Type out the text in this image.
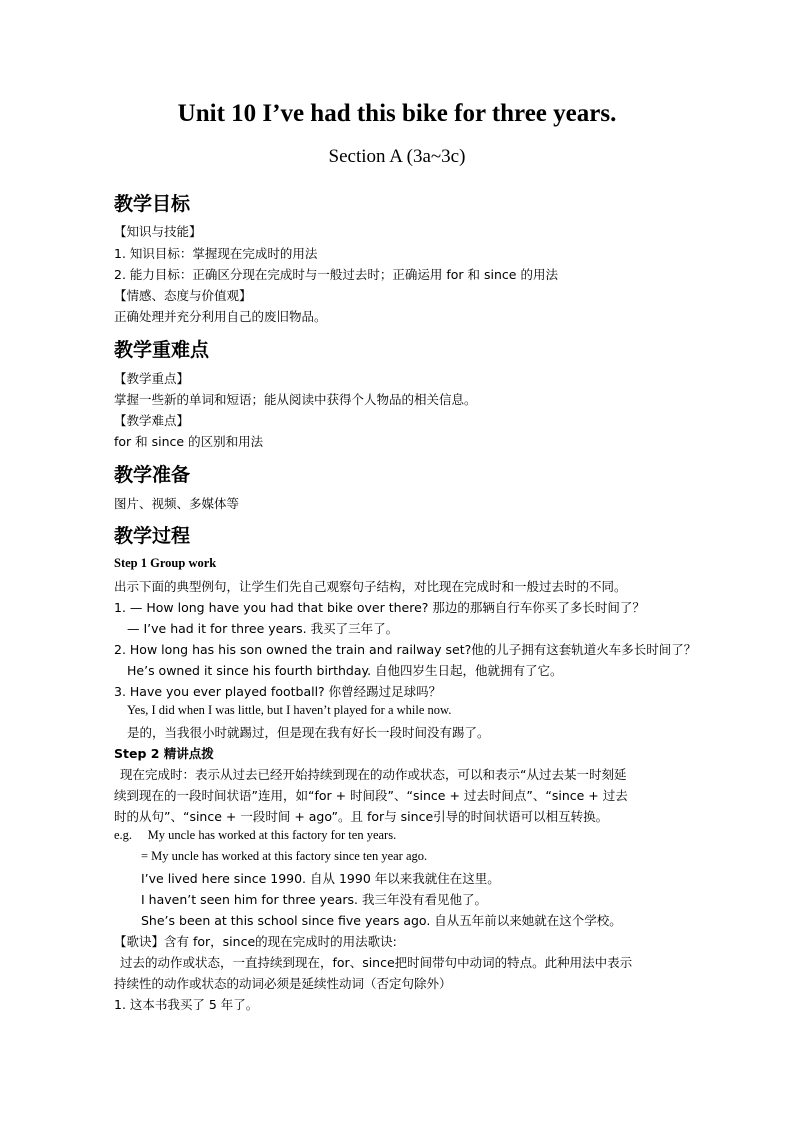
Unit 10 I’ve had this bike for three years.
Section A (3a~3c)
教学目标
【知识与技能】
1. 知识目标：掌握现在完成时的用法
2. 能力目标：正确区分现在完成时与一般过去时；正确运用 for 和 since 的用法
【情感、态度与价值观】
正确处理并充分利用自己的废旧物品。
教学重难点
【教学重点】
掌握一些新的单词和短语；能从阅读中获得个人物品的相关信息。
【教学难点】
for 和 since 的区别和用法
教学准备
图片、视频、多媒体等
教学过程
Step 1 Group work
出示下面的典型例句，让学生们先自己观察句子结构，对比现在完成时和一般过去时的不同。
1. — How long have you had that bike over there? 那边的那辆自行车你买了多长时间了？
— I’ve had it for three years. 我买了三年了。
2. How long has his son owned the train and railway set?他的儿子拥有这套轨道火车多长时间了？
He’s owned it since his fourth birthday. 自他四岁生日起，他就拥有了它。
3. Have you ever played football? 你曾经踢过足球吗？
Yes, I did when I was little, but I haven’t played for a while now.
是的，当我很小时就踢过，但是现在我有好长一段时间没有踢了。
Step 2 精讲点拨
现在完成时：表示从过去已经开始持续到现在的动作或状态，可以和表示“从过去某一时刻延
续到现在的一段时间状语”连用，如“for + 时间段”、“since + 过去时间点”、“since + 过去
时的从句”、“since + 一段时间 + ago”。且 for与 since引导的时间状语可以相互转换。
e.g.     My uncle has worked at this factory for ten years.
= My uncle has worked at this factory since ten year ago.
I’ve lived here since 1990. 自从 1990 年以来我就住在这里。
I haven’t seen him for three years. 我三年没有看见他了。
She’s been at this school since five years ago. 自从五年前以来她就在这个学校。
【歌诀】含有 for，since的现在完成时的用法歌诀:
过去的动作或状态，一直持续到现在，for、since把时间带句中动词的特点。此种用法中表示
持续性的动作或状态的动词必须是延续性动词（否定句除外）
1. 这本书我买了 5 年了。
